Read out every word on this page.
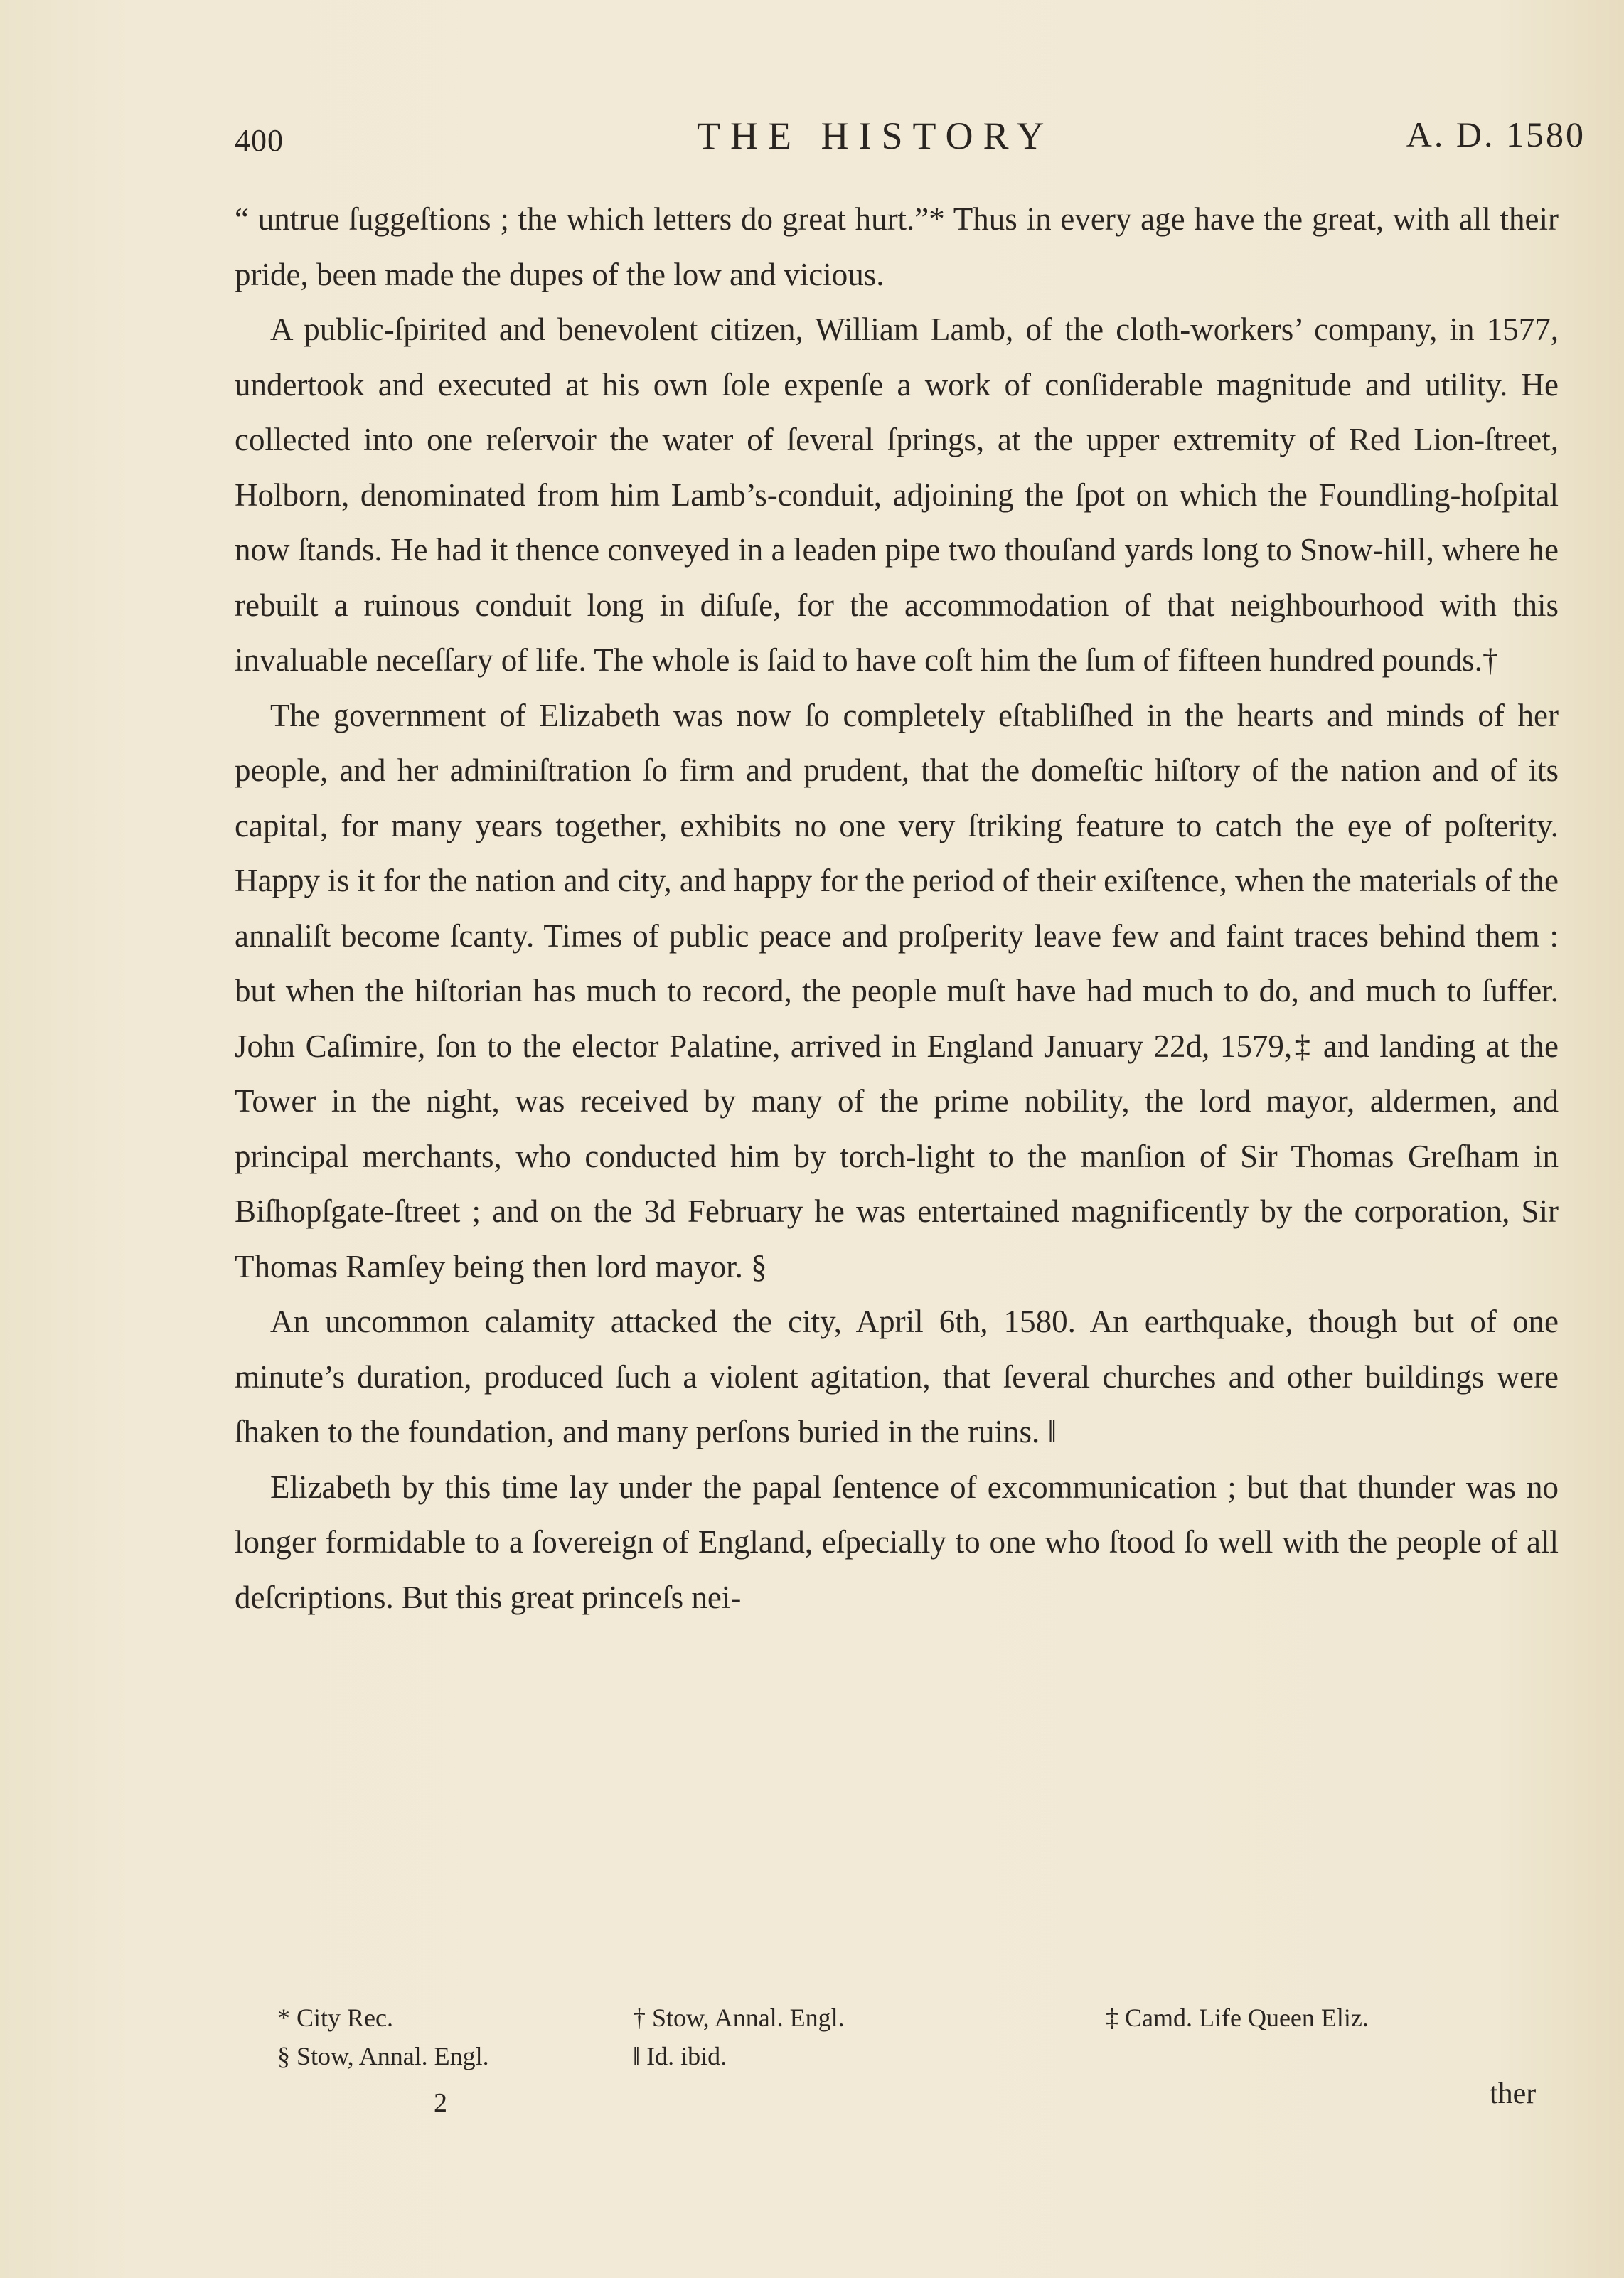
400	THE HISTORY	A. D. 1580

“ untrue ſuggeſtions ; the which letters do great hurt.”* Thus in every age have the great, with all their pride, been made the dupes of the low and vicious.

A public-ſpirited and benevolent citizen, William Lamb, of the cloth-workers’ company, in 1577, undertook and executed at his own ſole expenſe a work of conſiderable magnitude and utility. He collected into one reſervoir the water of ſeveral ſprings, at the upper extremity of Red Lion-ſtreet, Holborn, denominated from him Lamb’s-conduit, adjoining the ſpot on which the Foundling-hoſpital now ſtands. He had it thence conveyed in a leaden pipe two thouſand yards long to Snow-hill, where he rebuilt a ruinous conduit long in diſuſe, for the accommodation of that neighbourhood with this invaluable neceſſary of life. The whole is ſaid to have coſt him the ſum of fifteen hundred pounds.†

The government of Elizabeth was now ſo completely eſtabliſhed in the hearts and minds of her people, and her adminiſtration ſo firm and prudent, that the domeſtic hiſtory of the nation and of its capital, for many years together, exhibits no one very ſtriking feature to catch the eye of poſterity. Happy is it for the nation and city, and happy for the period of their exiſtence, when the materials of the annaliſt become ſcanty. Times of public peace and proſperity leave few and faint traces behind them : but when the hiſtorian has much to record, the people muſt have had much to do, and much to ſuffer. John Caſimire, ſon to the elector Palatine, arrived in England January 22d, 1579,‡ and landing at the Tower in the night, was received by many of the prime nobility, the lord mayor, aldermen, and principal merchants, who conducted him by torch-light to the manſion of Sir Thomas Greſham in Biſhopſgate-ſtreet ; and on the 3d February he was entertained magnificently by the corporation, Sir Thomas Ramſey being then lord mayor. §

An uncommon calamity attacked the city, April 6th, 1580. An earthquake, though but of one minute’s duration, produced ſuch a violent agitation, that ſeveral churches and other buildings were ſhaken to the foundation, and many perſons buried in the ruins. ‖

Elizabeth by this time lay under the papal ſentence of excommunication ; but that thunder was no longer formidable to a ſovereign of England, eſpecially to one who ſtood ſo well with the people of all deſcriptions. But this great princeſs nei-

* City Rec.	† Stow, Annal. Engl.	‡ Camd. Life Queen Eliz.
§ Stow, Annal. Engl.	‖ Id. ibid.
2	ther
